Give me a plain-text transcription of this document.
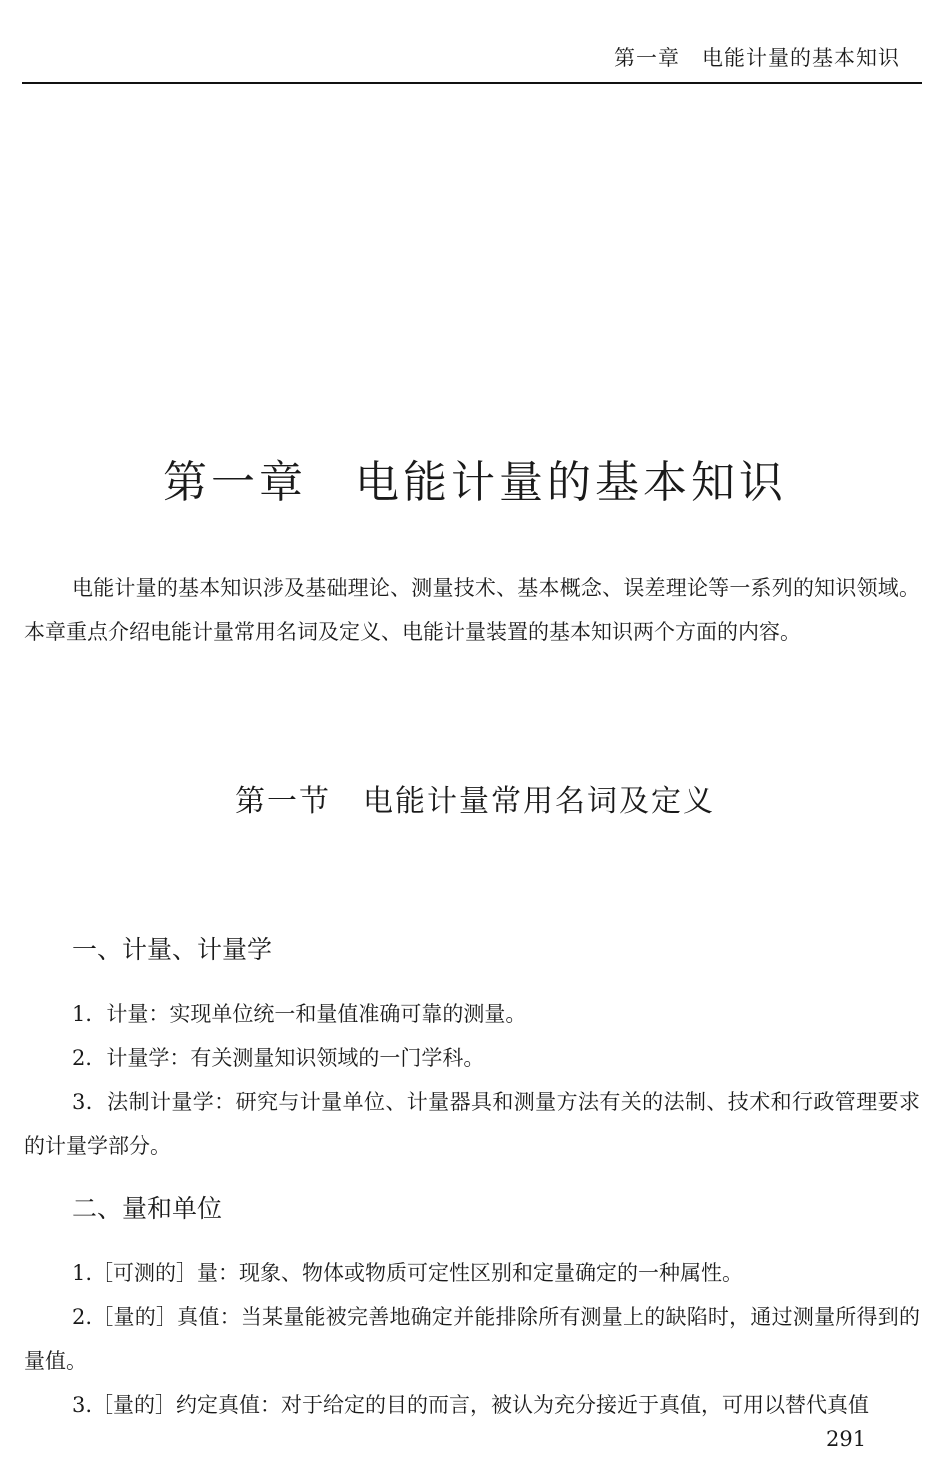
第一章　电能计量的基本知识
第一章　电能计量的基本知识

电能计量的基本知识涉及基础理论、测量技术、基本概念、误差理论等一系列的知识领域。本章重点介绍电能计量常用名词及定义、电能计量装置的基本知识两个方面的内容。

第一节　电能计量常用名词及定义
一、计量、计量学

1．计量：实现单位统一和量值准确可靠的测量。

2．计量学：有关测量知识领域的一门学科。

3．法制计量学：研究与计量单位、计量器具和测量方法有关的法制、技术和行政管理要求的计量学部分。

二、量和单位

1.［可测的］量：现象、物体或物质可定性区别和定量确定的一种属性。

2.［量的］真值：当某量能被完善地确定并能排除所有测量上的缺陷时，通过测量所得到的量值。

3.［量的］约定真值：对于给定的目的而言，被认为充分接近于真值，可用以替代真值

291
